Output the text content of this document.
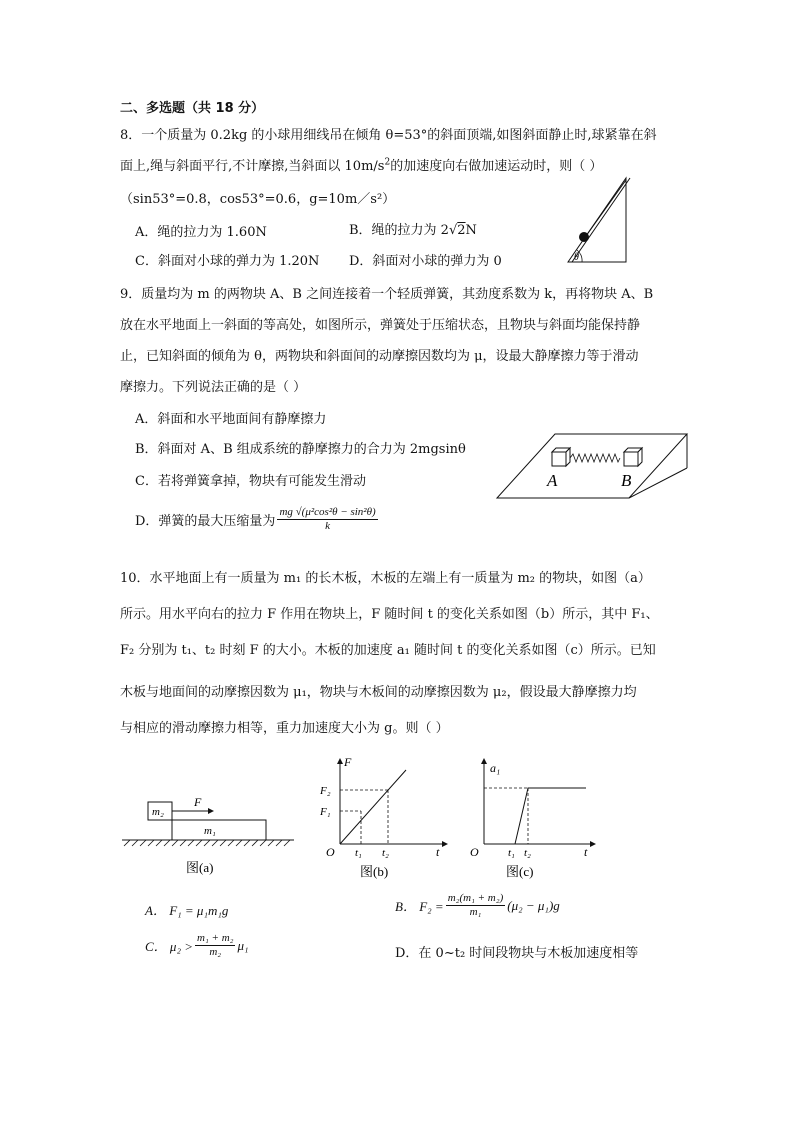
二、多选题（共 18 分）
8．一个质量为 0.2kg 的小球用细线吊在倾角 θ=53°的斜面顶端,如图斜面静止时,球紧靠在斜
面上,绳与斜面平行,不计摩擦,当斜面以 $10m/s^2$的加速度向右做加速运动时，则（ ）
（sin53°=0.8，cos53°=0.6，g=10m／s²）
A．绳的拉力为 1.60N	B．绳的拉力为 2√2N
C．斜面对小球的弹力为 1.20N D．斜面对小球的弹力为 0	θ
9．质量均为 m 的两物块 A、B 之间连接着一个轻质弹簧，其劲度系数为 k，再将物块 A、B
放在水平地面上一斜面的等高处，如图所示，弹簧处于压缩状态，且物块与斜面均能保持静
止，已知斜面的倾角为 θ，两物块和斜面间的动摩擦因数均为 μ，设最大静摩擦力等于滑动
摩擦力。下列说法正确的是（ ）
A．斜面和水平地面间有静摩擦力
B．斜面对 A、B 组成系统的静摩擦力的合力为 2mgsinθ
C．若将弹簧拿掉，物块有可能发生滑动
D．弹簧的最大压缩量为 $\frac{\text{mg √(μ²cos²θ − sin²θ)}}{k}$
A	B
10．水平地面上有一质量为 m₁ 的长木板，木板的左端上有一质量为 m₂ 的物块，如图（a）
所示。用水平向右的拉力 F 作用在物块上，F 随时间 t 的变化关系如图（b）所示，其中 F₁、
F₂ 分别为 t₁、t₂ 时刻 F 的大小。木板的加速度 a₁ 随时间 t 的变化关系如图（c）所示。已知
木板与地面间的动摩擦因数为 μ₁，物块与木板间的动摩擦因数为 μ₂，假设最大静摩擦力均
与相应的滑动摩擦力相等，重力加速度大小为 g。则（ ）
m₂
m₁
F
图(a)
F
F₂
F₁
O t₁ t₂	t
图(b)
a₁
O	t₁ t₂	t
图(c)
A． F₁ = μ₁m₁g	B． $F_2 = \frac{\text{m₂(m₁ + m₂)}}{\text{m₁}} (\mu_2 - \mu_1)g$
C． $\mu_2 > \frac{\text{m₁ + m₂}}{\text{m₂}} \mu_1$
D．在 0~t₂ 时间段物块与木板加速度相等
